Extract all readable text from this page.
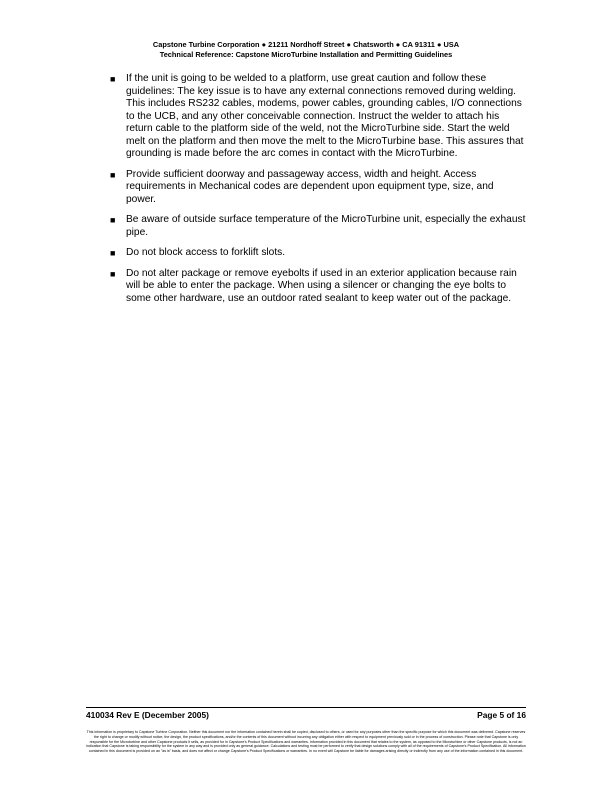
Capstone Turbine Corporation ● 21211 Nordhoff Street ● Chatsworth ● CA 91311 ● USA
Technical Reference: Capstone MicroTurbine Installation and Permitting Guidelines
■ If the unit is going to be welded to a platform, use great caution and follow these guidelines: The key issue is to have any external connections removed during welding. This includes RS232 cables, modems, power cables, grounding cables, I/O connections to the UCB, and any other conceivable connection. Instruct the welder to attach his return cable to the platform side of the weld, not the MicroTurbine side. Start the weld melt on the platform and then move the melt to the MicroTurbine base. This assures that grounding is made before the arc comes in contact with the MicroTurbine.
■ Provide sufficient doorway and passageway access, width and height. Access requirements in Mechanical codes are dependent upon equipment type, size, and power.
■ Be aware of outside surface temperature of the MicroTurbine unit, especially the exhaust pipe.
■ Do not block access to forklift slots.
■ Do not alter package or remove eyebolts if used in an exterior application because rain will be able to enter the package. When using a silencer or changing the eye bolts to some other hardware, use an outdoor rated sealant to keep water out of the package.
410034 Rev E (December 2005)	Page 5 of 16
This information is proprietary to Capstone Turbine Corporation. Neither this document nor the information contained herein shall be copied, disclosed to others, or used for any purposes other than the specific purpose for which this document was delivered. Capstone reserves the right to change or modify without notice, the design, the product specifications, and/or the contents of this document without incurring any obligation either with respect to equipment previously sold or in the process of construction. Please note that Capstone is only responsible for the Microturbine and other Capstone products it sells, as provided for in Capstone's Product Specifications and warranties. Information provided in this document that relates to the system, as opposed to the Microturbine or other Capstone products, is not an indication that Capstone is taking responsibility for the system in any way and is provided only as general guidance. Calculations and testing must be performed to verify that design solutions comply with all of the requirements of Capstone's Product Specification. All information contained in this document is provided on an "as is" basis, and does not affect or change Capstone's Product Specifications or warranties. In no event will Capstone be liable for damages arising directly or indirectly from any use of the information contained in this document.
